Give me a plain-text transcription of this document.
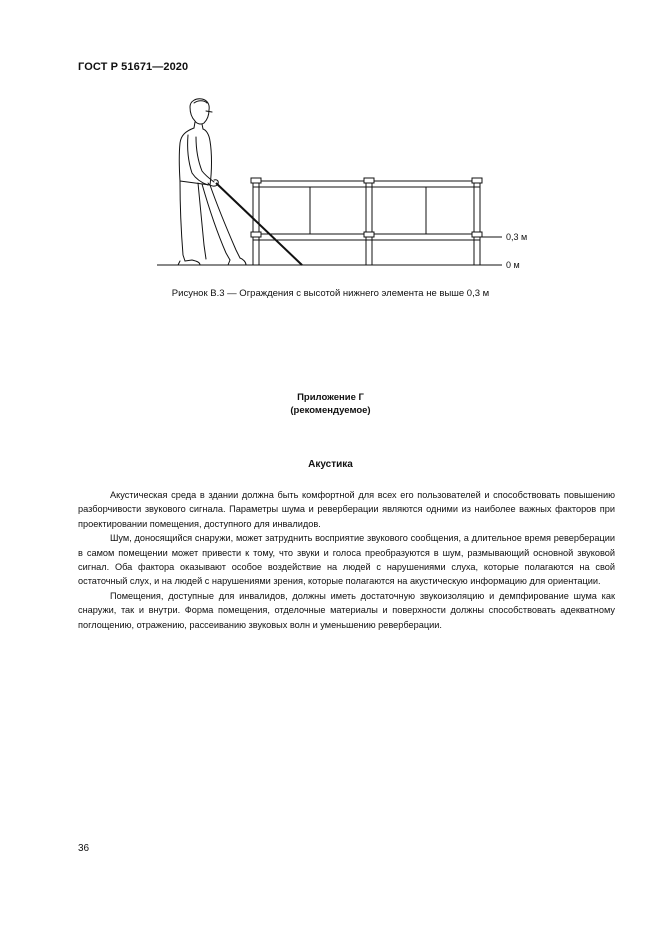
ГОСТ Р 51671—2020
0,3 м
0 м
Рисунок В.3 — Ограждения с высотой нижнего элемента не выше 0,3 м
Приложение Г
(рекомендуемое)
Акустика

Акустическая среда в здании должна быть комфортной для всех его пользователей и способствовать повышению разборчивости звукового сигнала. Параметры шума и реверберации являются одними из наиболее важных факторов при проектировании помещения, доступного для инвалидов.

Шум, доносящийся снаружи, может затруднить восприятие звукового сообщения, а длительное время реверберации в самом помещении может привести к тому, что звуки и голоса преобразуются в шум, размывающий основной звуковой сигнал. Оба фактора оказывают особое воздействие на людей с нарушениями слуха, которые полагаются на свой остаточный слух, и на людей с нарушениями зрения, которые полагаются на акустическую информацию для ориентации.

Помещения, доступные для инвалидов, должны иметь достаточную звукоизоляцию и демпфирование шума как снаружи, так и внутри. Форма помещения, отделочные материалы и поверхности должны способствовать адекватному поглощению, отражению, рассеиванию звуковых волн и уменьшению реверберации.

36
